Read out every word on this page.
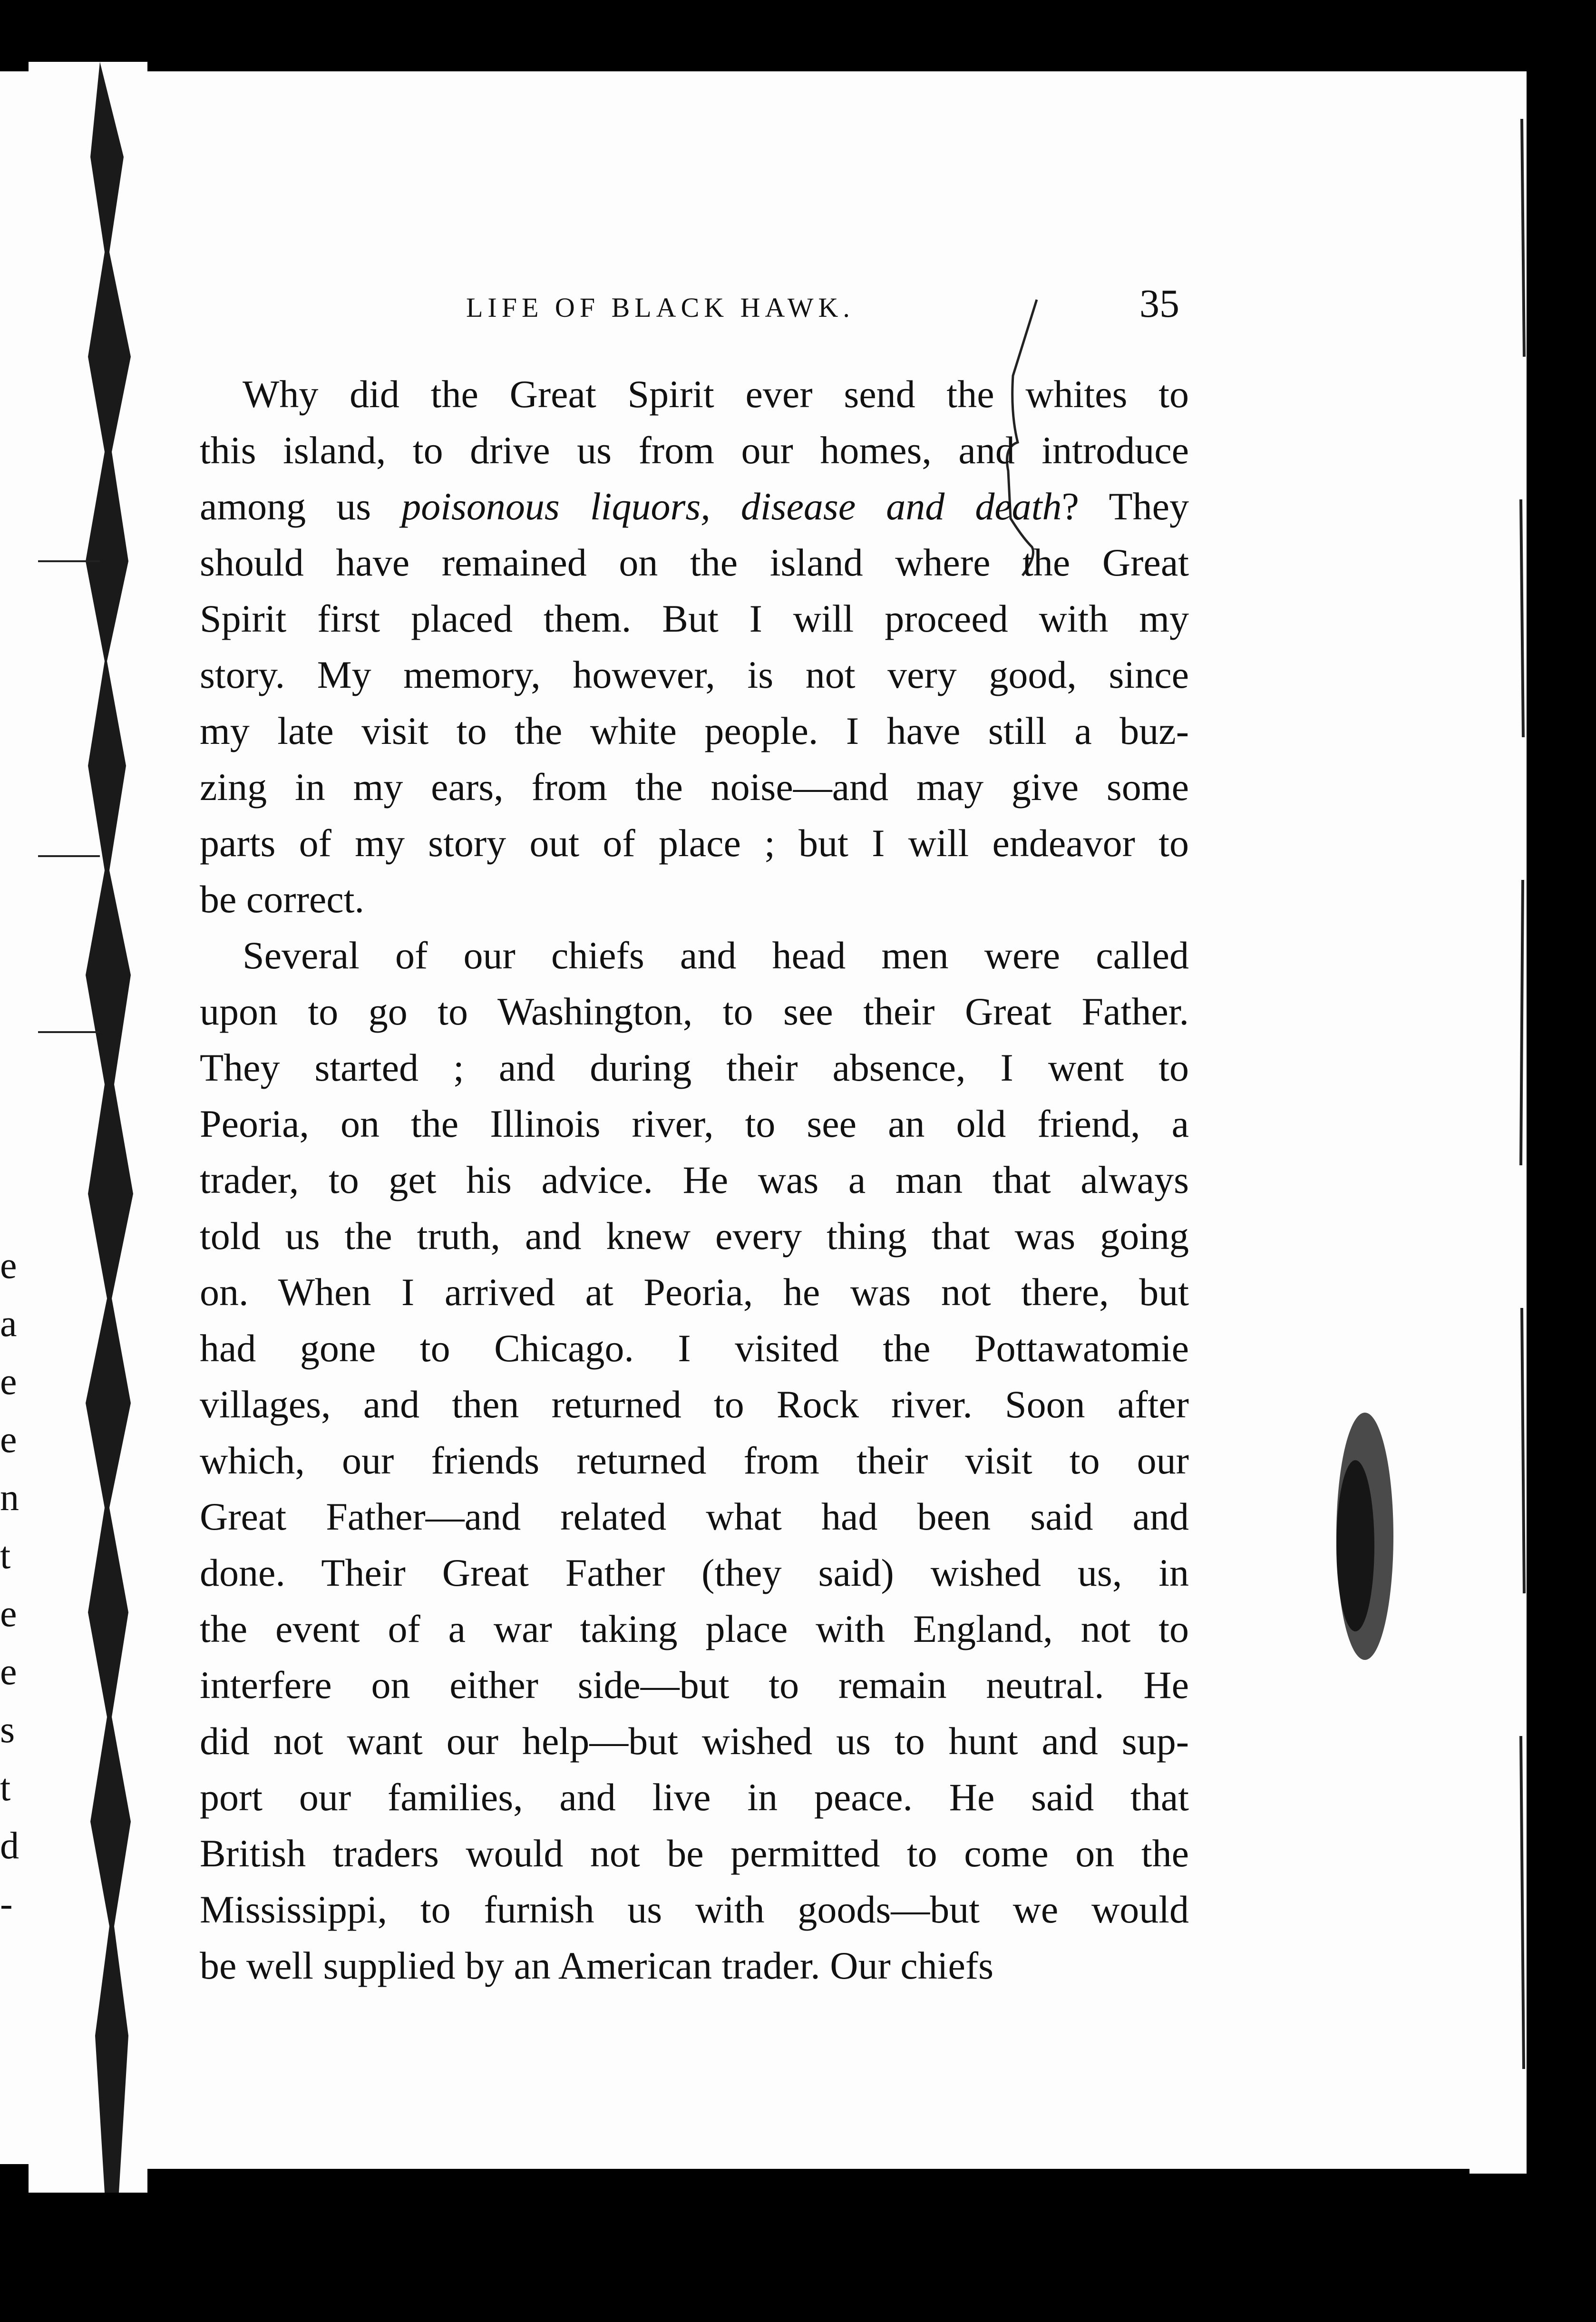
e
a
e
e
n
t
e
e
s
t
d
-
LIFE OF BLACK HAWK.	35
Why did the Great Spirit ever send the whites to
this island, to drive us from our homes, and introduce
among us poisonous liquors, disease and death? They
should have remained on the island where the Great
Spirit first placed them. But I will proceed with my
story. My memory, however, is not very good, since
my late visit to the white people. I have still a buz-
zing in my ears, from the noise—and may give some
parts of my story out of place ; but I will endeavor to
be correct.
Several of our chiefs and head men were called
upon to go to Washington, to see their Great Father.
They started ; and during their absence, I went to
Peoria, on the Illinois river, to see an old friend, a
trader, to get his advice. He was a man that always
told us the truth, and knew every thing that was going
on. When I arrived at Peoria, he was not there, but
had gone to Chicago. I visited the Pottawatomie
villages, and then returned to Rock river. Soon after
which, our friends returned from their visit to our
Great Father—and related what had been said and
done. Their Great Father (they said) wished us, in
the event of a war taking place with England, not to
interfere on either side—but to remain neutral. He
did not want our help—but wished us to hunt and sup-
port our families, and live in peace. He said that
British traders would not be permitted to come on the
Mississippi, to furnish us with goods—but we would
be well supplied by an American trader. Our chiefs
